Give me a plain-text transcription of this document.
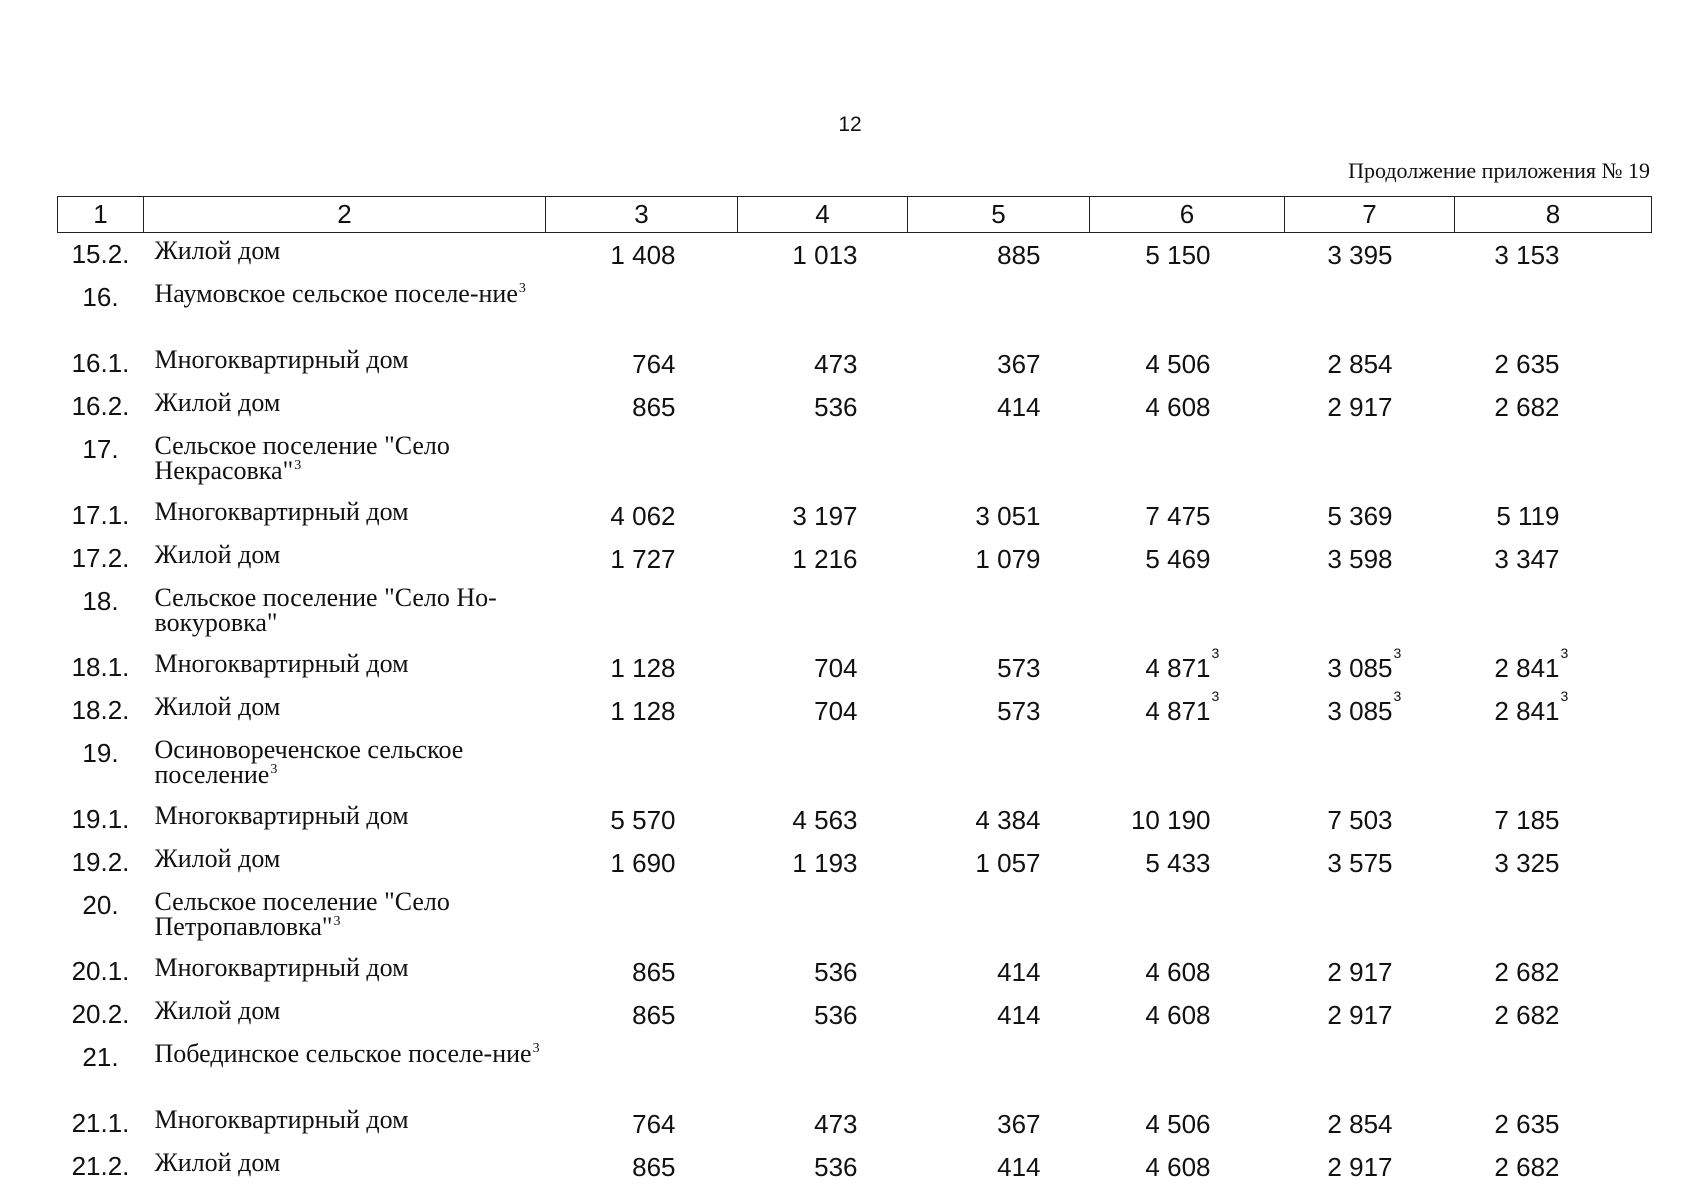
12
Продолжение приложения № 19
1	2	3	4	5	6	7	8
15.2.	Жилой дом	1 408	1 013	885	5 150	3 395	3 153

16.	Наумовское сельское поселе-ние$^3$	

16.1.	Многоквартирный дом	764	473	367	4 506	2 854	2 635

16.2.	Жилой дом	865	536	414	4 608	2 917	2 682

17.	Сельское поселение "Село Некрасовка"$^3$	

17.1.	Многоквартирный дом	4 062	3 197	3 051	7 475	5 369	5 119

17.2.	Жилой дом	1 727	1 216	1 079	5 469	3 598	3 347

18.	Сельское поселение "Село Но-вокуровка"	

18.1.	Многоквартирный дом	1 128	704	573	4 871 3	3 085 3	2 841 3

18.2.	Жилой дом	1 128	704	573	4 871 3	3 085 3	2 841 3

19.	Осиновореченское сельское поселение$^3$	

19.1.	Многоквартирный дом	5 570	4 563	4 384	10 190	7 503	7 185

19.2.	Жилой дом	1 690	1 193	1 057	5 433	3 575	3 325

20.	Сельское поселение "Село Петропавловка"$^3$	

20.1.	Многоквартирный дом	865	536	414	4 608	2 917	2 682

20.2.	Жилой дом	865	536	414	4 608	2 917	2 682

21.	Побединское сельское поселе-ние$^3$	

21.1.	Многоквартирный дом	764	473	367	4 506	2 854	2 635

21.2.	Жилой дом	865	536	414	4 608	2 917	2 682
